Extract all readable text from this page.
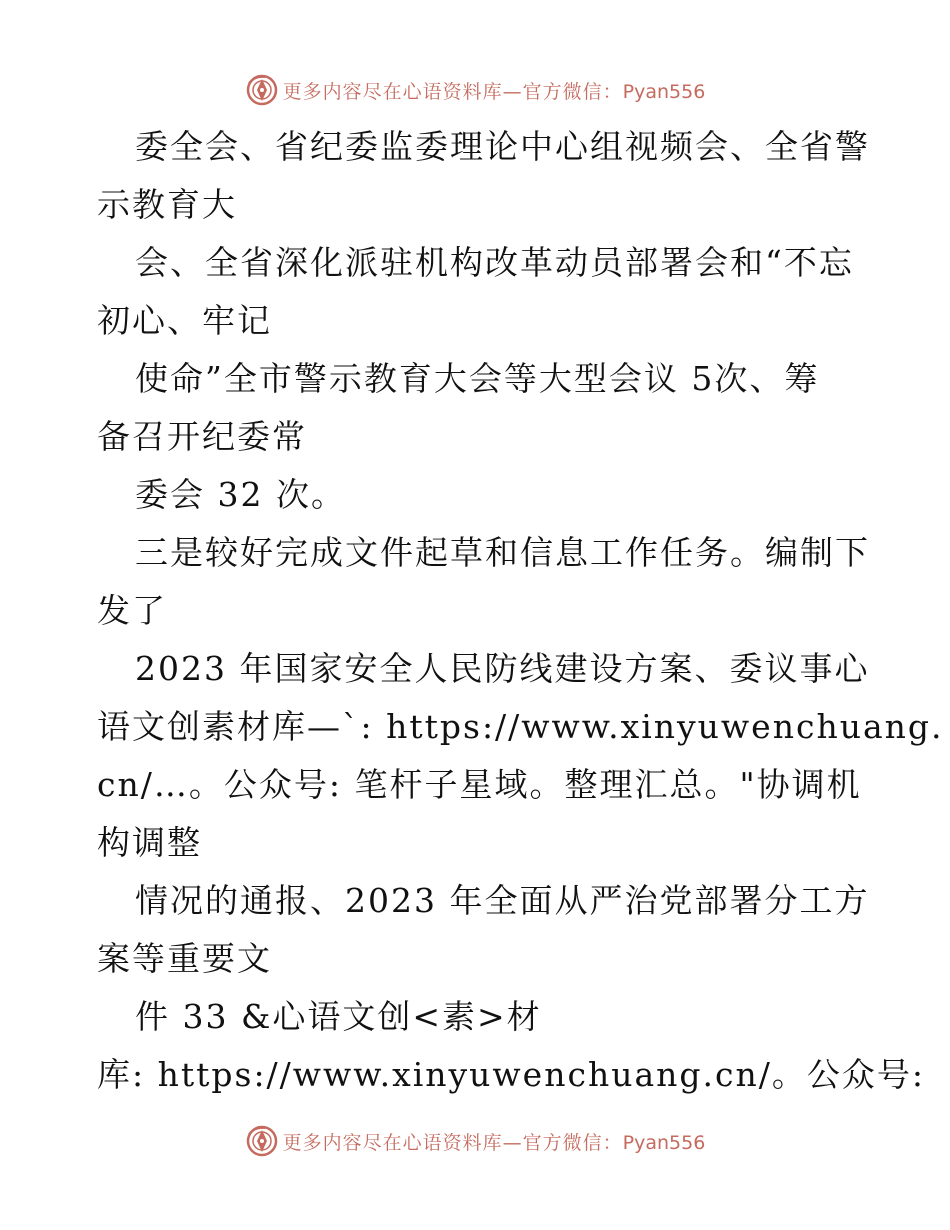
更多内容尽在心语资料库—官方微信：Pyan556
委全会、省纪委监委理论中心组视频会、全省警
示教育大
会、全省深化派驻机构改革动员部署会和“不忘
初心、牢记
使命”全市警示教育大会等大型会议 5次、筹
备召开纪委常
委会 32 次。
三是较好完成文件起草和信息工作任务。编制下
发了
2023 年国家安全人民防线建设方案、委议事心
语文创素材库—`: https://www.xinyuwenchuang.
cn/…。公众号: 笔杆子星域。整理汇总。"协调机
构调整
情况的通报、2023 年全面从严治党部署分工方
案等重要文
件 33 &心语文创<素>材
库: https://www.xinyuwenchuang.cn/。公众号:
更多内容尽在心语资料库—官方微信：Pyan556
